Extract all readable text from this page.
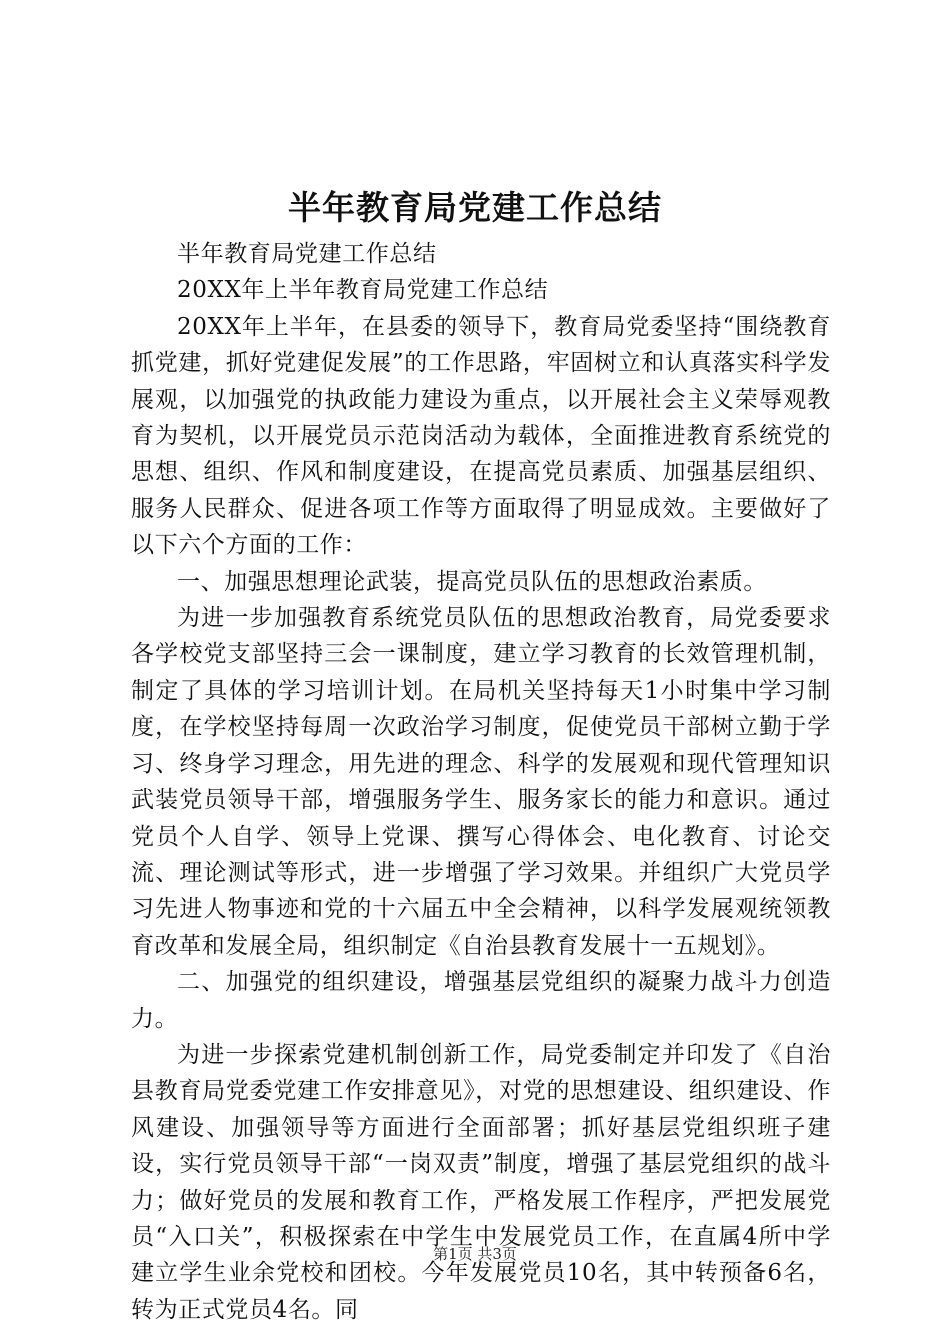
半年教育局党建工作总结

半年教育局党建工作总结

20XX年上半年教育局党建工作总结

20XX年上半年，在县委的领导下，教育局党委坚持“围绕教育抓党建，抓好党建促发展”的工作思路，牢固树立和认真落实科学发展观，以加强党的执政能力建设为重点，以开展社会主义荣辱观教育为契机，以开展党员示范岗活动为载体，全面推进教育系统党的思想、组织、作风和制度建设，在提高党员素质、加强基层组织、服务人民群众、促进各项工作等方面取得了明显成效。主要做好了以下六个方面的工作：

一、加强思想理论武装，提高党员队伍的思想政治素质。

为进一步加强教育系统党员队伍的思想政治教育，局党委要求各学校党支部坚持三会一课制度，建立学习教育的长效管理机制，制定了具体的学习培训计划。在局机关坚持每天1小时集中学习制度，在学校坚持每周一次政治学习制度，促使党员干部树立勤于学习、终身学习理念，用先进的理念、科学的发展观和现代管理知识武装党员领导干部，增强服务学生、服务家长的能力和意识。通过党员个人自学、领导上党课、撰写心得体会、电化教育、讨论交流、理论测试等形式，进一步增强了学习效果。并组织广大党员学习先进人物事迹和党的十六届五中全会精神，以科学发展观统领教育改革和发展全局，组织制定《自治县教育发展十一五规划》。

二、加强党的组织建设，增强基层党组织的凝聚力战斗力创造力。

为进一步探索党建机制创新工作，局党委制定并印发了《自治县教育局党委党建工作安排意见》，对党的思想建设、组织建设、作风建设、加强领导等方面进行全面部署；抓好基层党组织班子建设，实行党员领导干部“一岗双责”制度，增强了基层党组织的战斗力；做好党员的发展和教育工作，严格发展工作程序，严把发展党员“入口关”，积极探索在中学生中发展党员工作，在直属4所中学建立学生业余党校和团校。今年发展党员10名，其中转预备6名，转为正式党员4名。同

第1页 共3页
